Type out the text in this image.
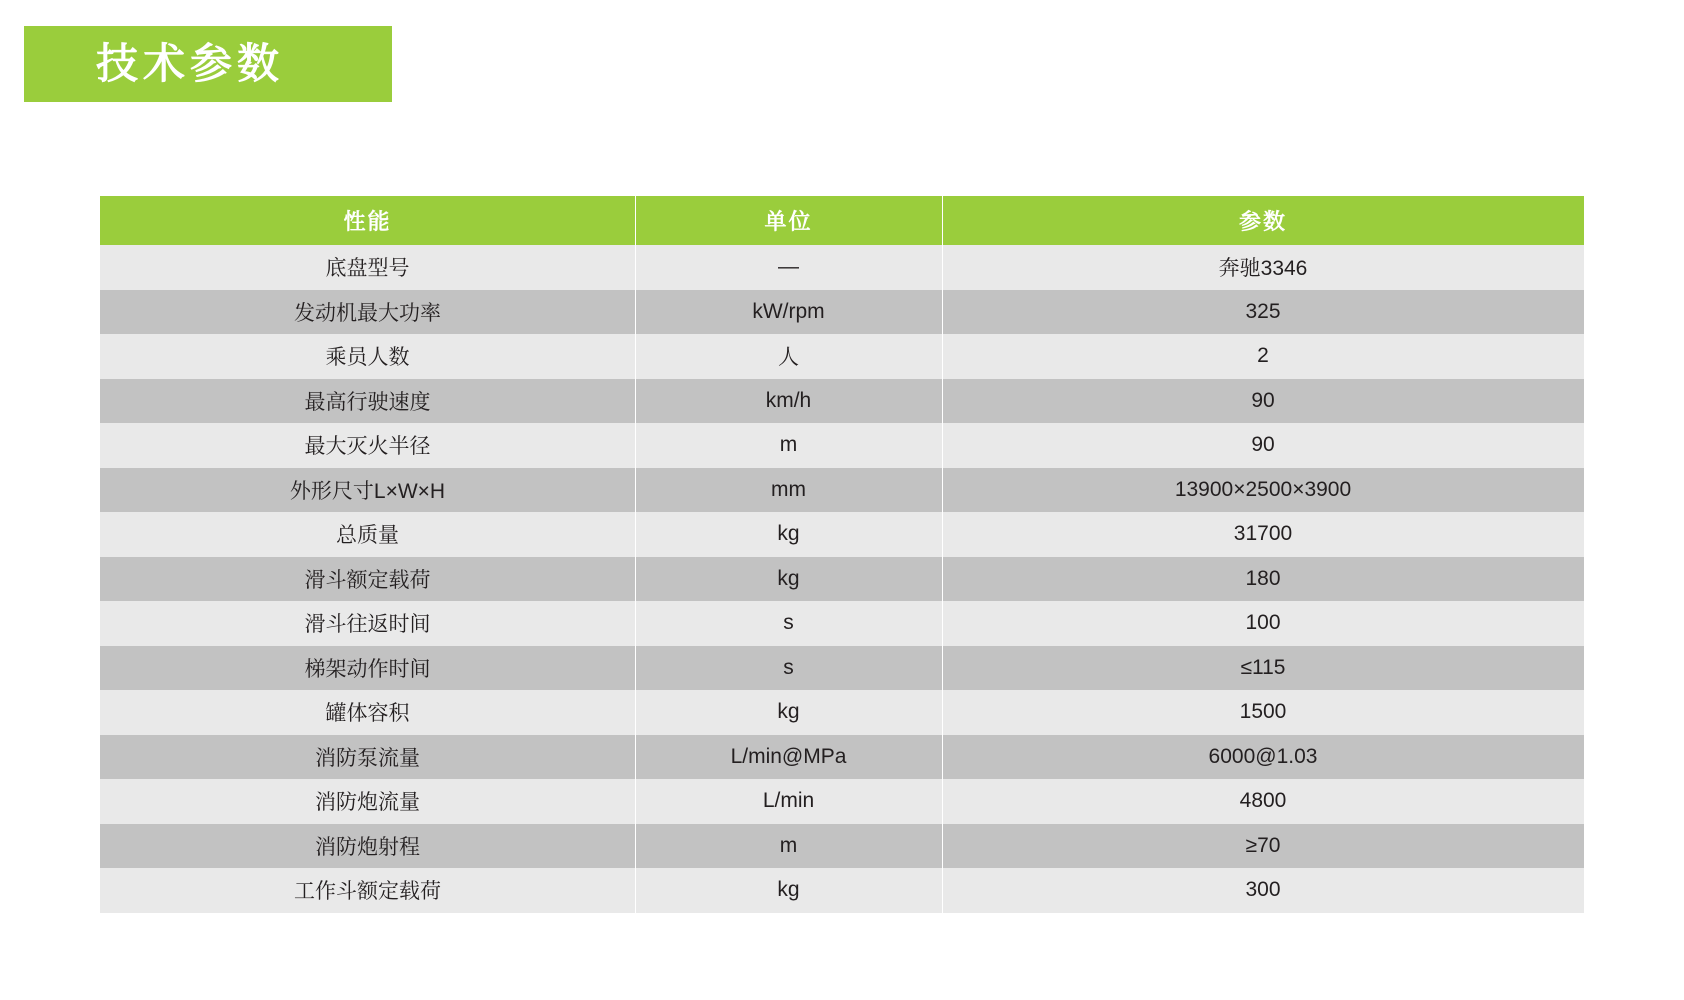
技术参数
性能	单位	参数
底盘型号	—	奔驰3346
发动机最大功率	kW/rpm	325
乘员人数	人	2
最高行驶速度	km/h	90
最大灭火半径	m	90
外形尺寸L×W×H	mm	13900×2500×3900
总质量	kg	31700
滑斗额定载荷	kg	180
滑斗往返时间	s	100
梯架动作时间	s	≤115
罐体容积	kg	1500
消防泵流量	L/min@MPa	6000@1.03
消防炮流量	L/min	4800
消防炮射程	m	≥70
工作斗额定载荷	kg	300
